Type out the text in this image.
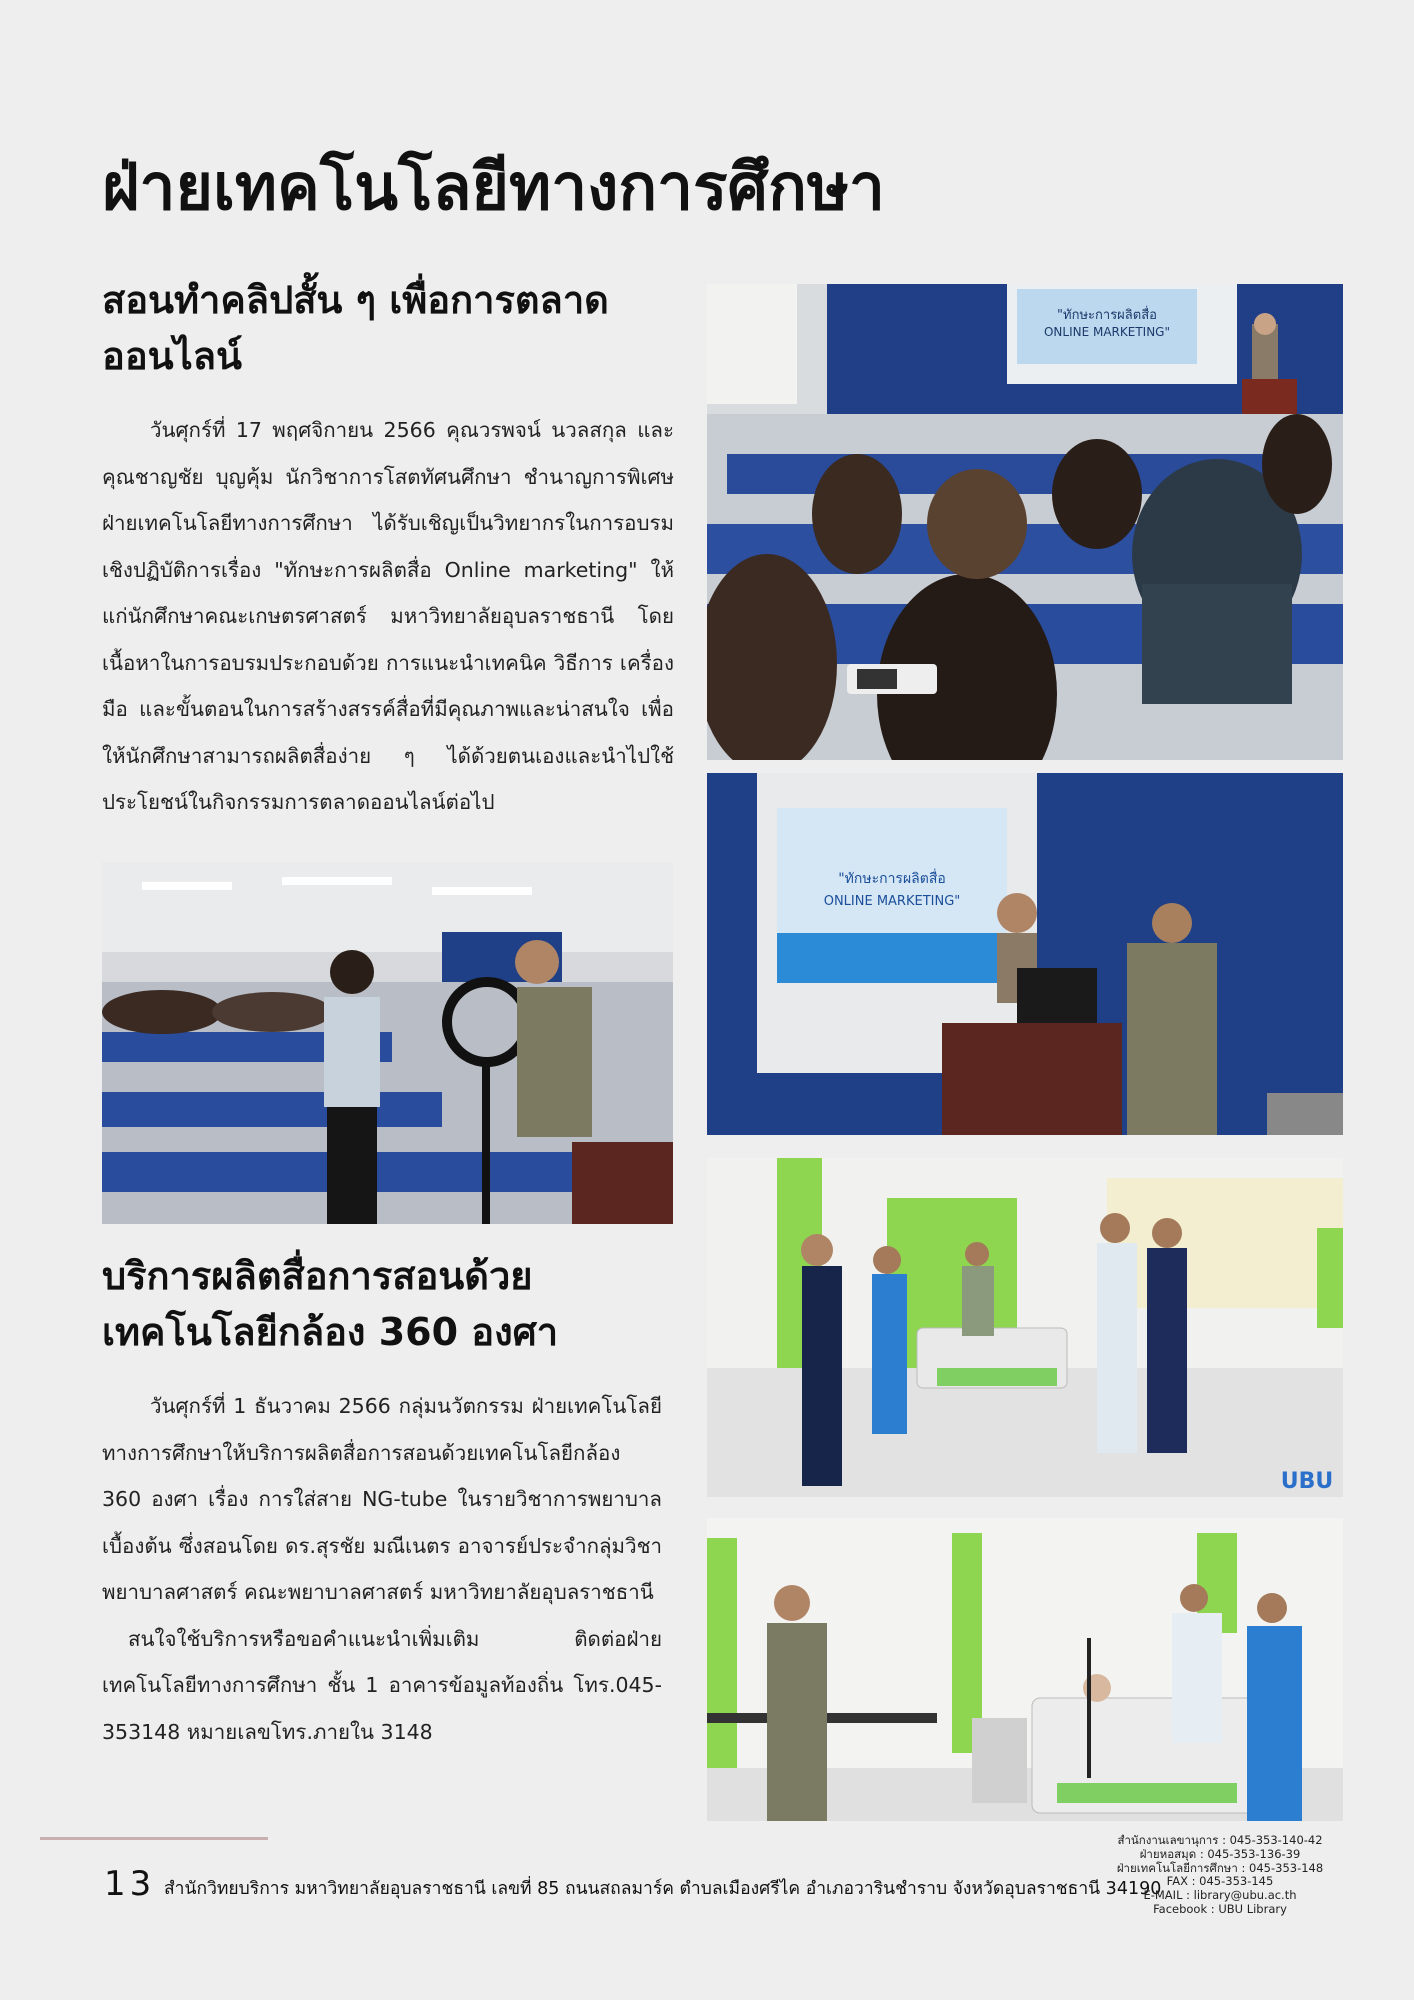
ฝ่ายเทคโนโลยีทางการศึกษา
สอนทำคลิปสั้น ๆ เพื่อการตลาด ออนไลน์

วันศุกร์ที่ 17 พฤศจิกายน 2566 คุณวรพจน์ นวลสกุล และคุณชาญชัย บุญคุ้ม นักวิชาการโสตทัศนศึกษา ชำนาญการพิเศษ ฝ่ายเทคโนโลยีทางการศึกษา ได้รับเชิญเป็นวิทยากรในการอบรมเชิงปฏิบัติการเรื่อง "ทักษะการผลิตสื่อ Online marketing" ให้แก่นักศึกษาคณะเกษตรศาสตร์ มหาวิทยาลัยอุบลราชธานี โดยเนื้อหาในการอบรมประกอบด้วย การแนะนำเทคนิค วิธีการ เครื่องมือ และขั้นตอนในการสร้างสรรค์สื่อที่มีคุณภาพและน่าสนใจ เพื่อให้นักศึกษาสามารถผลิตสื่อง่าย ๆ ได้ด้วยตนเองและนำไปใช้ประโยชน์ในกิจกรรมการตลาดออนไลน์ต่อไป

บริการผลิตสื่อการสอนด้วยเทคโนโลยีกล้อง 360 องศา

วันศุกร์ที่ 1 ธันวาคม 2566 กลุ่มนวัตกรรม ฝ่ายเทคโนโลยีทางการศึกษาให้บริการผลิตสื่อการสอนด้วยเทคโนโลยีกล้อง 360 องศา เรื่อง การใส่สาย NG-tube ในรายวิชาการพยาบาลเบื้องต้น ซึ่งสอนโดย ดร.สุรชัย มณีเนตร อาจารย์ประจำกลุ่มวิชาพยาบาลศาสตร์ คณะพยาบาลศาสตร์ มหาวิทยาลัยอุบลราชธานี

สนใจใช้บริการหรือขอคำแนะนำเพิ่มเติม ติดต่อฝ่ายเทคโนโลยีทางการศึกษา ชั้น 1 อาคารข้อมูลท้องถิ่น โทร.045-353148 หมายเลขโทร.ภายใน 3148

"ทักษะการผลิตสื่อ
ONLINE MARKETING"
"ทักษะการผลิตสื่อ
ONLINE MARKETING"
UBU
13 สำนักวิทยบริการ มหาวิทยาลัยอุบลราชธานี เลขที่ 85 ถนนสถลมาร์ค ตำบลเมืองศรีไค อำเภอวารินชำราบ จังหวัดอุบลราชธานี 34190
สำนักงานเลขานุการ : 045-353-140-42
ฝ่ายหอสมุด : 045-353-136-39
ฝ่ายเทคโนโลยีการศึกษา : 045-353-148
FAX : 045-353-145
E-MAIL : library@ubu.ac.th
Facebook : UBU Library
